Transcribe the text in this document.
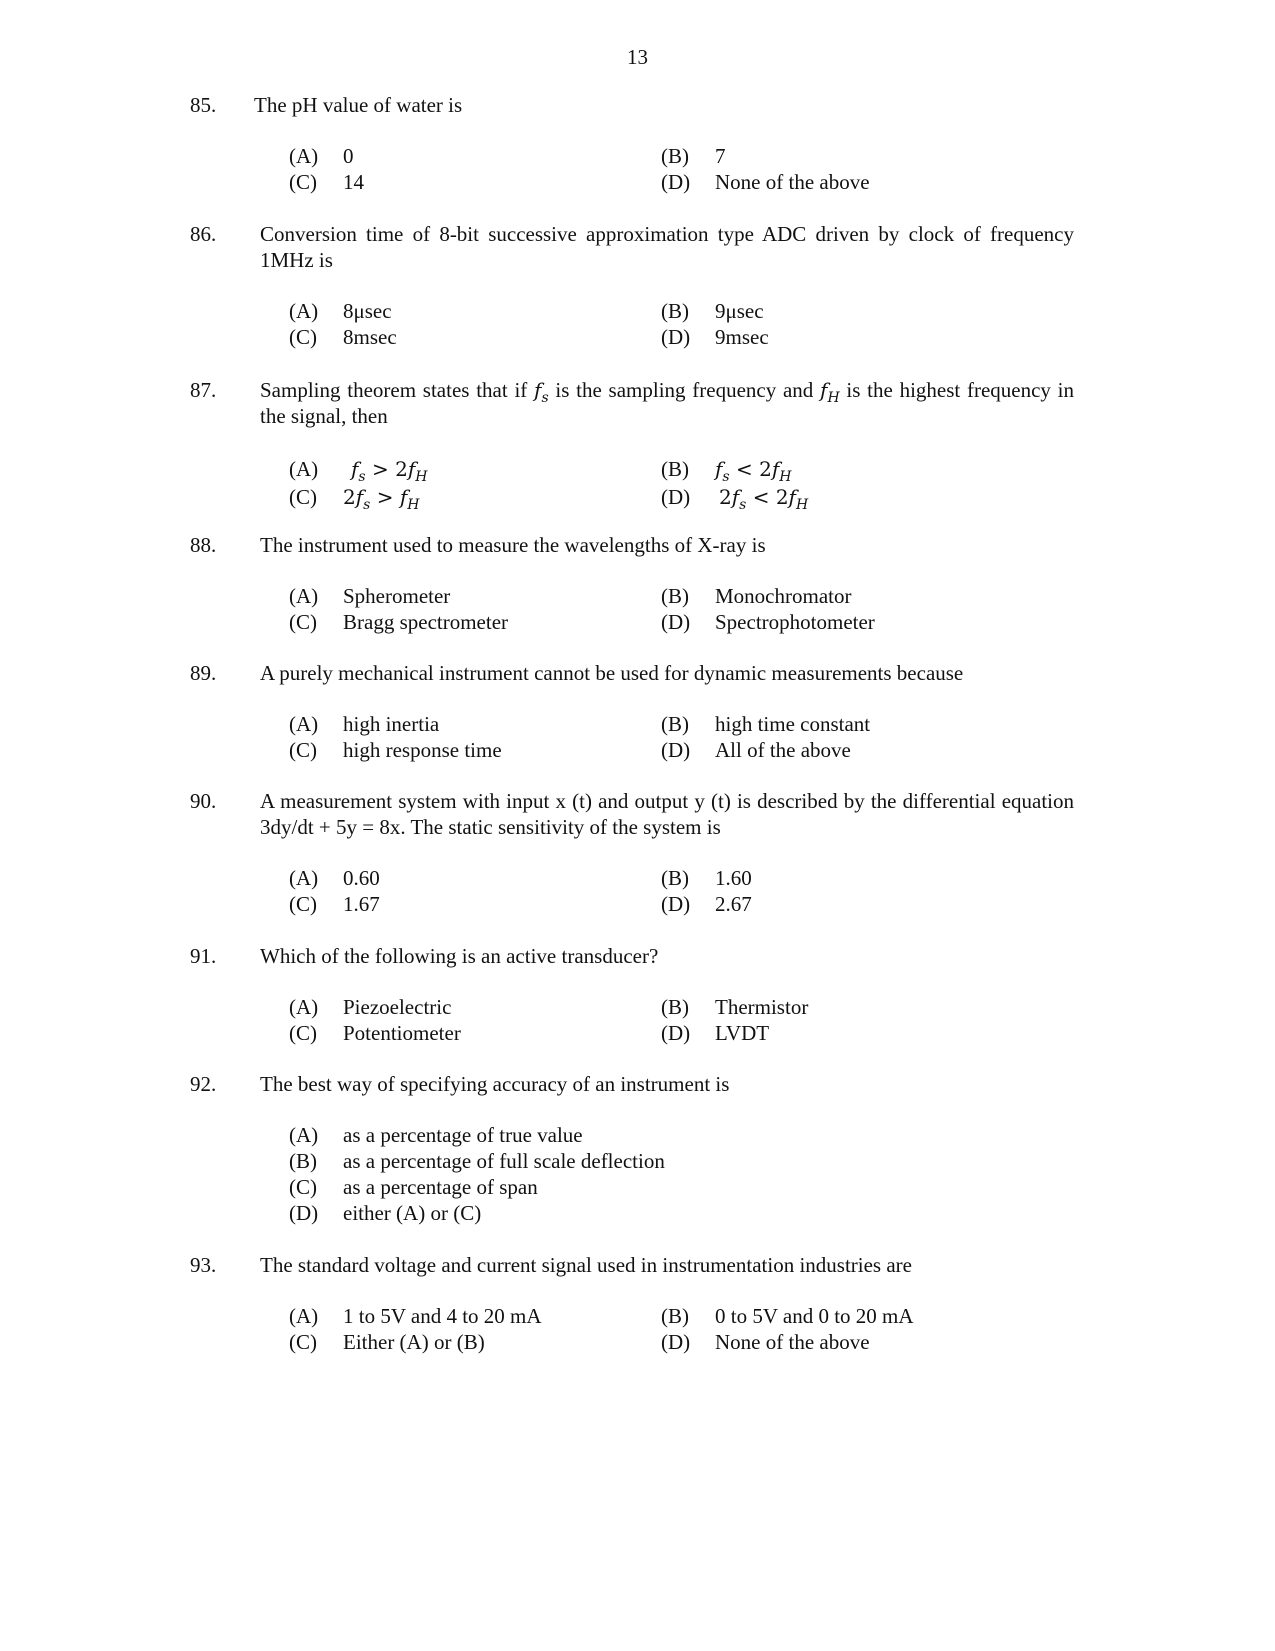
13
85. The pH value of water is
(A) 0	(B) 7
(C) 14	(D) None of the above
86. Conversion time of 8-bit successive approximation type ADC driven by clock of frequency 1MHz is
(A) 8μsec	(B) 9μsec
(C) 8msec	(D) 9msec
87. Sampling theorem states that if $f_s$ is the sampling frequency and $f_H$ is the highest frequency in the signal, then
(A) $f_s > 2f_H$	(B) $f_s < 2f_H$
(C) $2f_s > f_H$	(D) $2f_s < 2f_H$
88. The instrument used to measure the wavelengths of X-ray is
(A) Spherometer	(B) Monochromator
(C) Bragg spectrometer	(D) Spectrophotometer
89. A purely mechanical instrument cannot be used for dynamic measurements because
(A) high inertia	(B) high time constant
(C) high response time	(D) All of the above
90. A measurement system with input x (t) and output y (t) is described by the differential equation 3dy/dt + 5y = 8x. The static sensitivity of the system is
(A) 0.60	(B) 1.60
(C) 1.67	(D) 2.67
91. Which of the following is an active transducer?
(A) Piezoelectric	(B) Thermistor
(C) Potentiometer	(D) LVDT
92. The best way of specifying accuracy of an instrument is
(A) as a percentage of true value
(B) as a percentage of full scale deflection
(C) as a percentage of span
(D) either (A) or (C)
93. The standard voltage and current signal used in instrumentation industries are
(A) 1 to 5V and 4 to 20 mA	(B) 0 to 5V and 0 to 20 mA
(C) Either (A) or (B)	(D) None of the above
